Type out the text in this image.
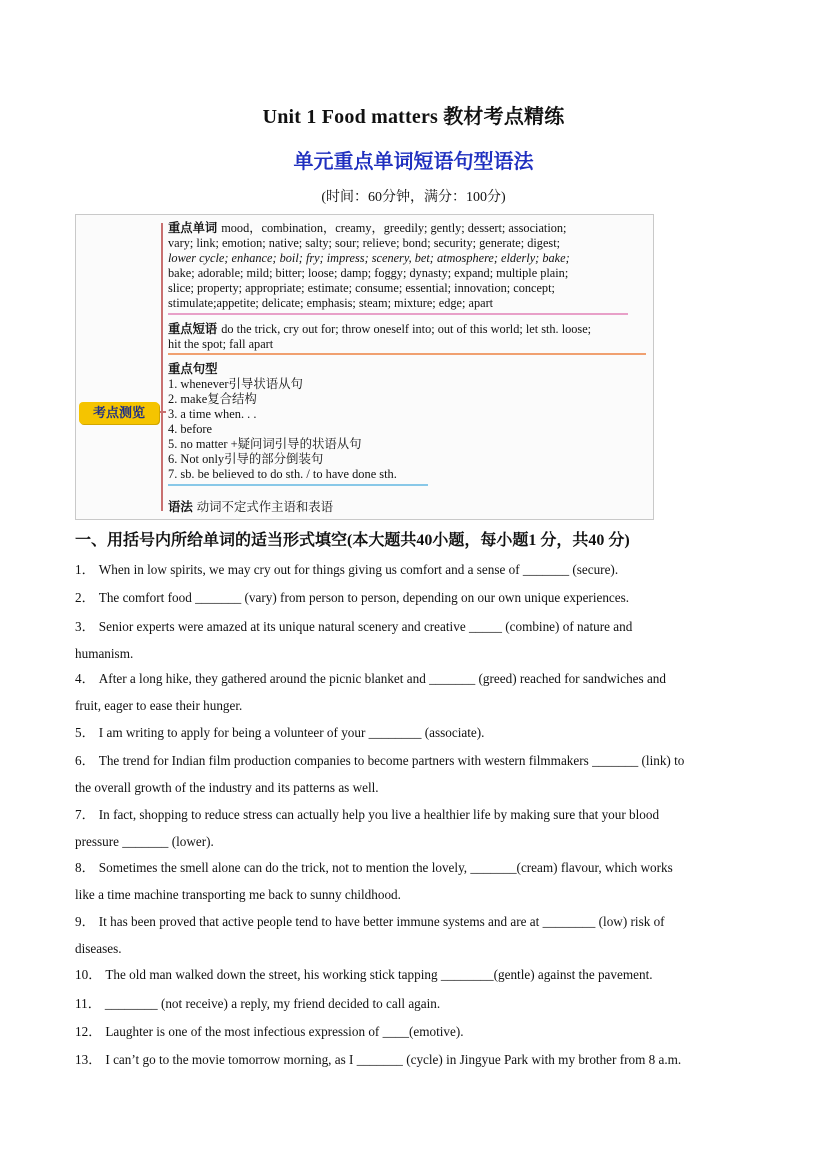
Unit 1 Food matters 教材考点精练
单元重点单词短语句型语法
(时间：60分钟，满分：100分)
考点测览
重点单词 mood，combination，creamy，greedily; gently; dessert; association;
vary; link; emotion; native; salty; sour; relieve; bond; security; generate; digest;
lower cycle; enhance; boil; fry; impress; scenery, bet; atmosphere; elderly; bake;
bake; adorable; mild; bitter; loose; damp; foggy; dynasty; expand; multiple plain;
slice; property; appropriate; estimate; consume; essential; innovation; concept;
stimulate;appetite; delicate; emphasis; steam; mixture; edge; apart
重点短语 do the trick, cry out for; throw oneself into; out of this world; let sth. loose;
hit the spot; fall apart
重点句型
1. whenever引导状语从句
2. make复合结构
3. a time when. . .
4. before
5. no matter +疑问词引导的状语从句
6. Not only引导的部分倒装句
7. sb. be believed to do sth. / to have done sth.
语法 动词不定式作主语和表语
一、用括号内所给单词的适当形式填空(本大题共40小题，每小题1 分，共40 分)
1． When in low spirits, we may cry out for things giving us comfort and a sense of _______ (secure).
2． The comfort food _______ (vary) from person to person, depending on our own unique experiences.
3． Senior experts were amazed at its unique natural scenery and creative _____ (combine) of nature and
humanism.
4． After a long hike, they gathered around the picnic blanket and _______ (greed) reached for sandwiches and
fruit, eager to ease their hunger.
5． I am writing to apply for being a volunteer of your ________ (associate).
6． The trend for Indian film production companies to become partners with western filmmakers _______ (link) to
the overall growth of the industry and its patterns as well.
7． In fact, shopping to reduce stress can actually help you live a healthier life by making sure that your blood
pressure _______ (lower).
8． Sometimes the smell alone can do the trick, not to mention the lovely, _______(cream) flavour, which works
like a time machine transporting me back to sunny childhood.
9． It has been proved that active people tend to have better immune systems and are at ________ (low) risk of
diseases.
10． The old man walked down the street, his working stick tapping ________(gentle) against the pavement.
11． ________ (not receive) a reply, my friend decided to call again.
12． Laughter is one of the most infectious expression of ____(emotive).
13． I can’t go to the movie tomorrow morning, as I _______ (cycle) in Jingyue Park with my brother from 8 a.m.
